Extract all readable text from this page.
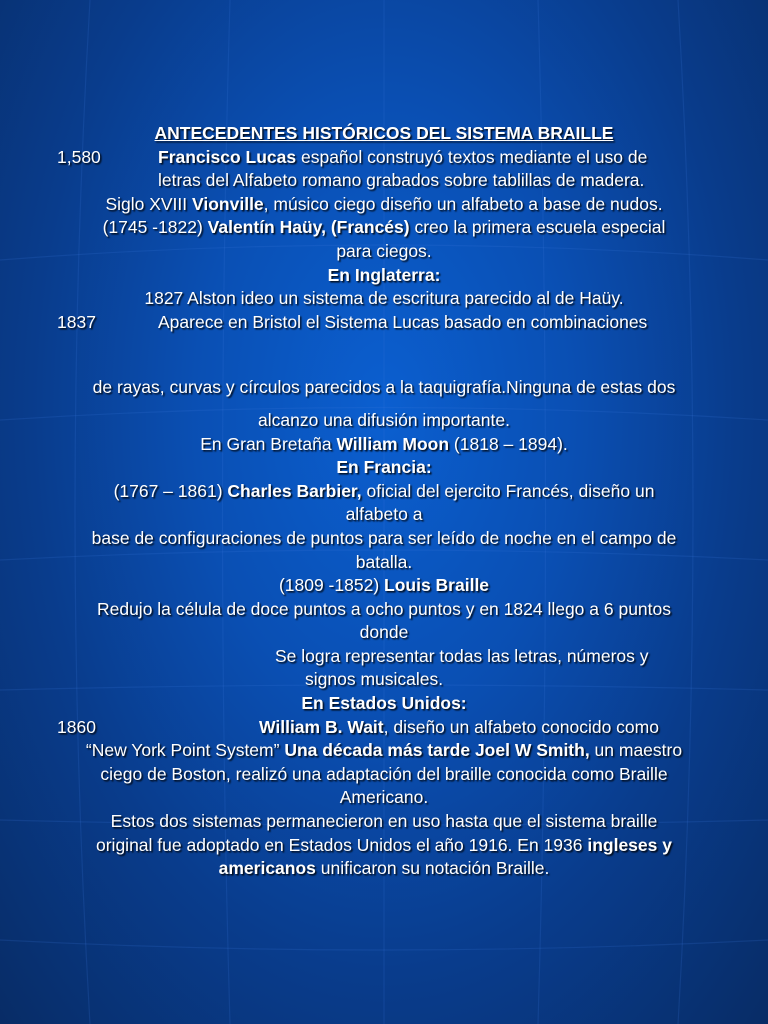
ANTECEDENTES HISTÓRICOS DEL SISTEMA BRAILLE
1,580	Francisco Lucas español construyó textos mediante el uso de
letras del Alfabeto romano grabados sobre tablillas de madera.
Siglo XVIII Vionville, músico ciego diseño un alfabeto a base de nudos.
(1745 -1822) Valentín Haüy, (Francés) creo la primera escuela especial
para ciegos.
En Inglaterra:
1827 Alston ideo un sistema de escritura parecido al de Haüy.
1837	Aparece en Bristol el Sistema Lucas basado en combinaciones
de rayas, curvas y círculos parecidos a la taquigrafía.Ninguna de estas dos
alcanzo una difusión importante.
En Gran Bretaña William Moon (1818 – 1894).
En Francia:
(1767 – 1861) Charles Barbier, oficial del ejercito Francés, diseño un
alfabeto a
base de configuraciones de puntos para ser leído de noche en el campo de
batalla.
(1809 -1852) Louis Braille
Redujo la célula de doce puntos a ocho puntos y en 1824 llego a 6 puntos
donde
Se logra representar todas las letras, números y
signos musicales.
En Estados Unidos:
1860	William B. Wait, diseño un alfabeto conocido como
“New York Point System” Una década más tarde Joel W Smith, un maestro
ciego de Boston, realizó una adaptación del braille conocida como Braille
Americano.
Estos dos sistemas permanecieron en uso hasta que el sistema braille
original fue adoptado en Estados Unidos el año 1916. En 1936 ingleses y
americanos unificaron su notación Braille.
